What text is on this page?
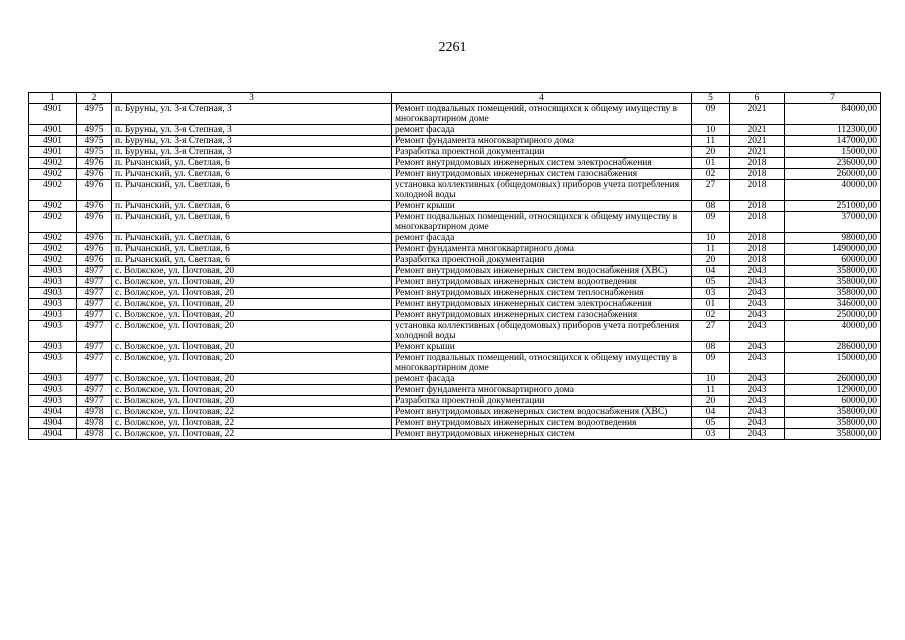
2261
1	2	3	4	5	6	7
4901	4975	п. Буруны, ул. 3-я Степная, 3	Ремонт подвальных помещений, относящихся к общему имуществу в многоквартирном доме	09	2021	84000,00
4901	4975	п. Буруны, ул. 3-я Степная, 3	ремонт фасада	10	2021	112300,00
4901	4975	п. Буруны, ул. 3-я Степная, 3	Ремонт фундамента многоквартирного дома	11	2021	147000,00
4901	4975	п. Буруны, ул. 3-я Степная, 3	Разработка проектной документации	20	2021	15000,00
4902	4976	п. Рычанский, ул. Светлая, 6	Ремонт внутридомовых инженерных систем электроснабжения	01	2018	236000,00
4902	4976	п. Рычанский, ул. Светлая, 6	Ремонт внутридомовых инженерных систем газоснабжения	02	2018	260000,00
4902	4976	п. Рычанский, ул. Светлая, 6	установка коллективных (общедомовых) приборов учета потребления холодной воды	27	2018	40000,00
4902	4976	п. Рычанский, ул. Светлая, 6	Ремонт крыши	08	2018	251000,00
4902	4976	п. Рычанский, ул. Светлая, 6	Ремонт подвальных помещений, относящихся к общему имуществу в многоквартирном доме	09	2018	37000,00
4902	4976	п. Рычанский, ул. Светлая, 6	ремонт фасада	10	2018	98000,00
4902	4976	п. Рычанский, ул. Светлая, 6	Ремонт фундамента многоквартирного дома	11	2018	1490000,00
4902	4976	п. Рычанский, ул. Светлая, 6	Разработка проектной документации	20	2018	60000,00
4903	4977	с. Волжское, ул. Почтовая, 20	Ремонт внутридомовых инженерных систем водоснабжения (ХВС)	04	2043	358000,00
4903	4977	с. Волжское, ул. Почтовая, 20	Ремонт внутридомовых инженерных систем водоотведения	05	2043	358000,00
4903	4977	с. Волжское, ул. Почтовая, 20	Ремонт внутридомовых инженерных систем теплоснабжения	03	2043	358000,00
4903	4977	с. Волжское, ул. Почтовая, 20	Ремонт внутридомовых инженерных систем электроснабжения	01	2043	346000,00
4903	4977	с. Волжское, ул. Почтовая, 20	Ремонт внутридомовых инженерных систем газоснабжения	02	2043	250000,00
4903	4977	с. Волжское, ул. Почтовая, 20	установка коллективных (общедомовых) приборов учета потребления холодной воды	27	2043	40000,00
4903	4977	с. Волжское, ул. Почтовая, 20	Ремонт крыши	08	2043	286000,00
4903	4977	с. Волжское, ул. Почтовая, 20	Ремонт подвальных помещений, относящихся к общему имуществу в многоквартирном доме	09	2043	150000,00
4903	4977	с. Волжское, ул. Почтовая, 20	ремонт фасада	10	2043	260000,00
4903	4977	с. Волжское, ул. Почтовая, 20	Ремонт фундамента многоквартирного дома	11	2043	129000,00
4903	4977	с. Волжское, ул. Почтовая, 20	Разработка проектной документации	20	2043	60000,00
4904	4978	с. Волжское, ул. Почтовая, 22	Ремонт внутридомовых инженерных систем водоснабжения (ХВС)	04	2043	358000,00
4904	4978	с. Волжское, ул. Почтовая, 22	Ремонт внутридомовых инженерных систем водоотведения	05	2043	358000,00
4904	4978	с. Волжское, ул. Почтовая, 22	Ремонт внутридомовых инженерных систем	03	2043	358000,00
